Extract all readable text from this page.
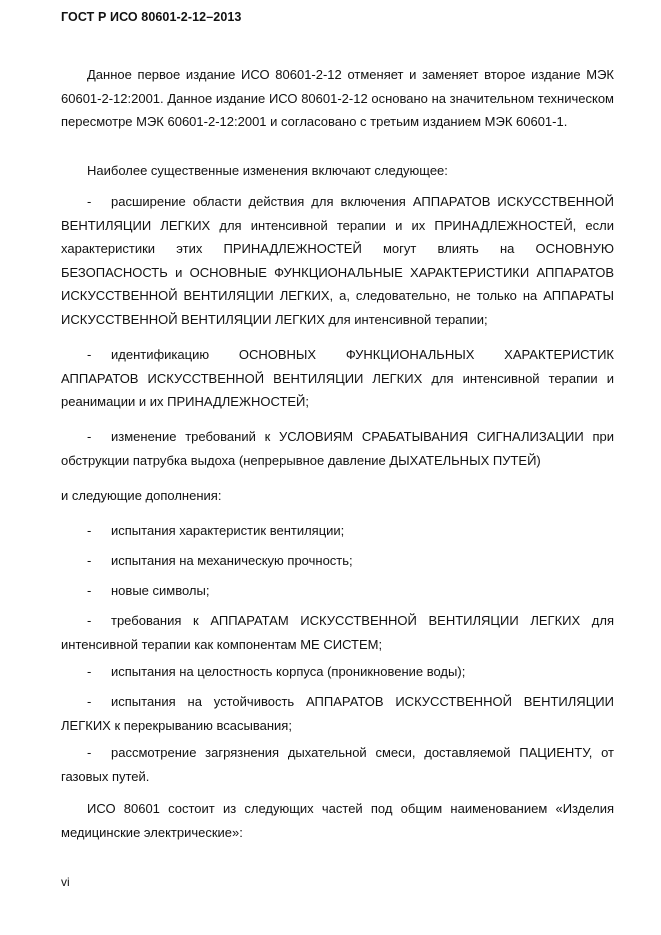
ГОСТ Р ИСО 80601-2-12–2013
Данное первое издание ИСО 80601-2-12 отменяет и заменяет второе издание МЭК 60601-2-12:2001. Данное издание ИСО 80601-2-12 основано на значительном техническом пересмотре МЭК 60601-2-12:2001 и согласовано с третьим изданием МЭК 60601-1.
Наиболее существенные изменения включают следующее:
- расширение области действия для включения АППАРАТОВ ИСКУССТВЕННОЙ ВЕНТИЛЯЦИИ ЛЕГКИХ для интенсивной терапии и их ПРИНАДЛЕЖНОСТЕЙ, если характеристики этих ПРИНАДЛЕЖНОСТЕЙ могут влиять на ОСНОВНУЮ БЕЗОПАСНОСТЬ и ОСНОВНЫЕ ФУНКЦИОНАЛЬНЫЕ ХАРАКТЕРИСТИКИ АППАРАТОВ ИСКУССТВЕННОЙ ВЕНТИЛЯЦИИ ЛЕГКИХ, а, следовательно, не только на АППАРАТЫ ИСКУССТВЕННОЙ ВЕНТИЛЯЦИИ ЛЕГКИХ для интенсивной терапии;
- идентификацию ОСНОВНЫХ ФУНКЦИОНАЛЬНЫХ ХАРАКТЕРИСТИК АППАРАТОВ ИСКУССТВЕННОЙ ВЕНТИЛЯЦИИ ЛЕГКИХ для интенсивной терапии и реанимации и их ПРИНАДЛЕЖНОСТЕЙ;
- изменение требований к УСЛОВИЯМ СРАБАТЫВАНИЯ СИГНАЛИЗАЦИИ при обструкции патрубка выдоха (непрерывное давление ДЫХАТЕЛЬНЫХ ПУТЕЙ)
и следующие дополнения:
- испытания характеристик вентиляции;
- испытания на механическую прочность;
- новые символы;
- требования к АППАРАТАМ ИСКУССТВЕННОЙ ВЕНТИЛЯЦИИ ЛЕГКИХ для интенсивной терапии как компонентам МЕ СИСТЕМ;
- испытания на целостность корпуса (проникновение воды);
- испытания на устойчивость АППАРАТОВ ИСКУССТВЕННОЙ ВЕНТИЛЯЦИИ ЛЕГКИХ к перекрыванию всасывания;
- рассмотрение загрязнения дыхательной смеси, доставляемой ПАЦИЕНТУ, от газовых путей.
ИСО 80601 состоит из следующих частей под общим наименованием «Изделия медицинские электрические»:
vi
